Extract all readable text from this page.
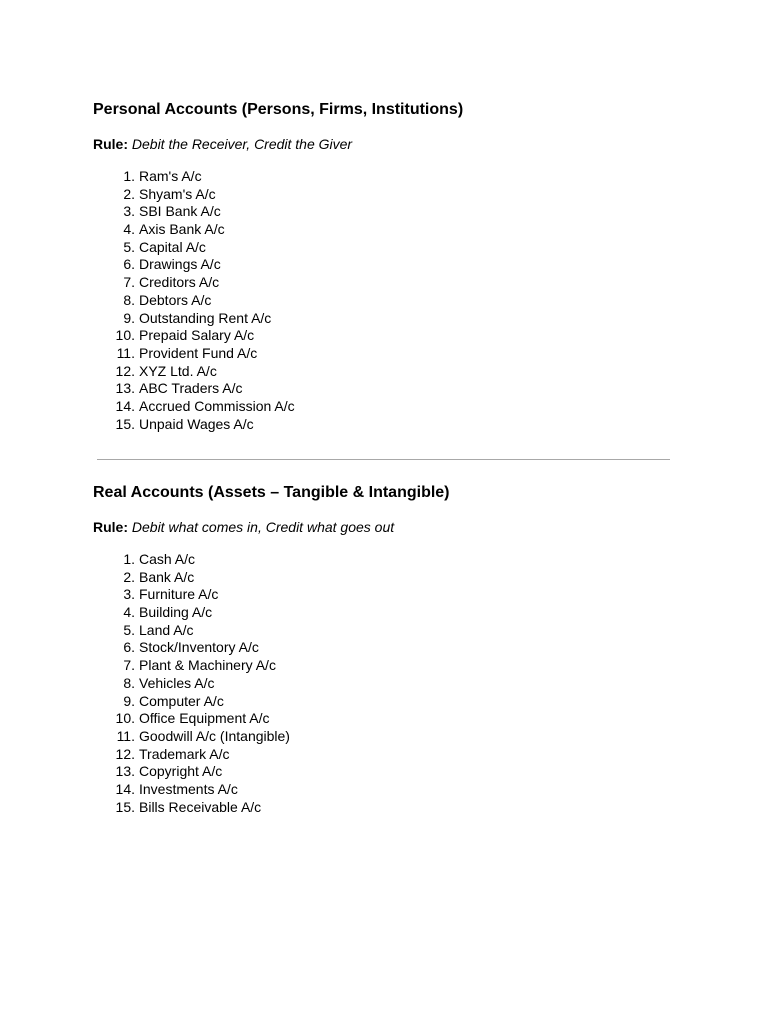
Personal Accounts (Persons, Firms, Institutions)
Rule: Debit the Receiver, Credit the Giver
1. Ram's A/c
2. Shyam's A/c
3. SBI Bank A/c
4. Axis Bank A/c
5. Capital A/c
6. Drawings A/c
7. Creditors A/c
8. Debtors A/c
9. Outstanding Rent A/c
10. Prepaid Salary A/c
11. Provident Fund A/c
12. XYZ Ltd. A/c
13. ABC Traders A/c
14. Accrued Commission A/c
15. Unpaid Wages A/c
Real Accounts (Assets – Tangible & Intangible)
Rule: Debit what comes in, Credit what goes out
1. Cash A/c
2. Bank A/c
3. Furniture A/c
4. Building A/c
5. Land A/c
6. Stock/Inventory A/c
7. Plant & Machinery A/c
8. Vehicles A/c
9. Computer A/c
10. Office Equipment A/c
11. Goodwill A/c (Intangible)
12. Trademark A/c
13. Copyright A/c
14. Investments A/c
15. Bills Receivable A/c
